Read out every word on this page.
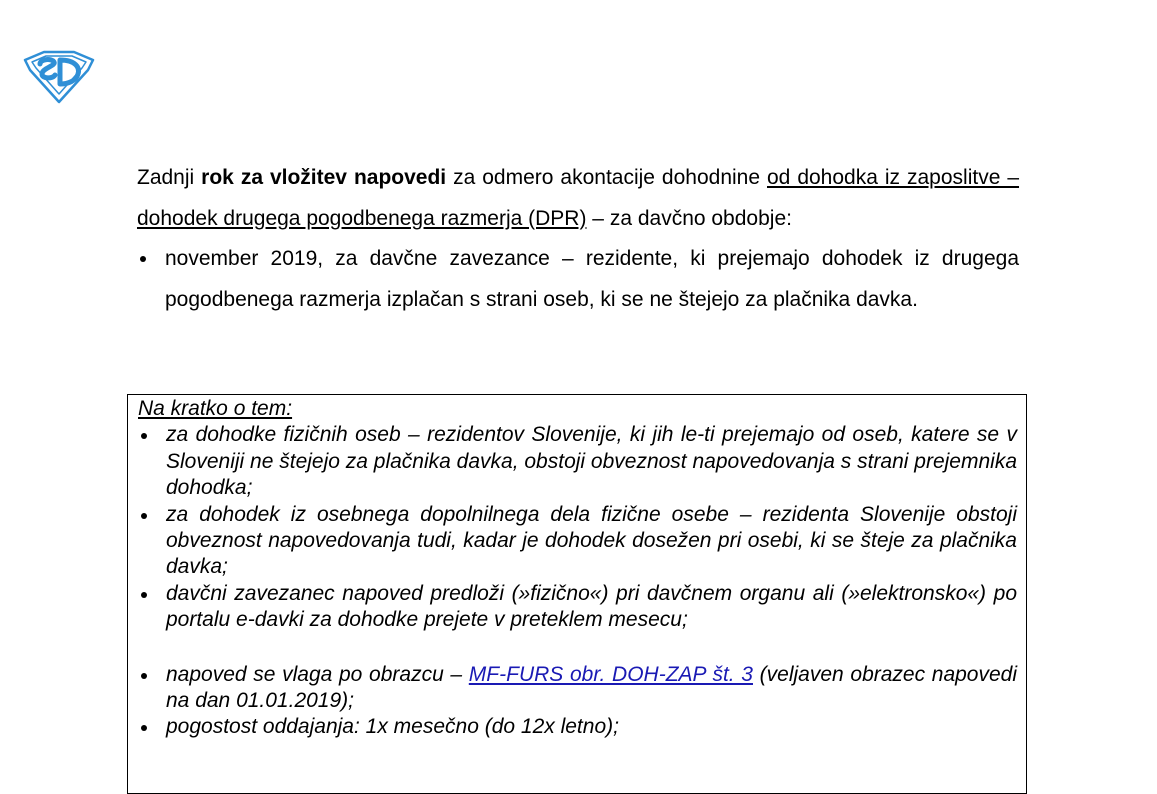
Zadnji rok za vložitev napovedi za odmero akontacije dohodnine od dohodka iz zaposlitve – dohodek drugega pogodbenega razmerja (DPR) – za davčno obdobje:

november 2019, za davčne zavezance – rezidente, ki prejemajo dohodek iz drugega pogodbenega razmerja izplačan s strani oseb, ki se ne štejejo za plačnika davka.

Na kratko o tem:

za dohodke fizičnih oseb – rezidentov Slovenije, ki jih le-ti prejemajo od oseb, katere se v Sloveniji ne štejejo za plačnika davka, obstoji obveznost napovedovanja s strani prejemnika dohodka;
za dohodek iz osebnega dopolnilnega dela fizične osebe – rezidenta Slovenije obstoji obveznost napovedovanja tudi, kadar je dohodek dosežen pri osebi, ki se šteje za plačnika davka;
davčni zavezanec napoved predloži (»fizično«) pri davčnem organu ali (»elektronsko«) po portalu e-davki za dohodke prejete v preteklem mesecu;
napoved se vlaga po obrazcu – MF-FURS obr. DOH-ZAP št. 3 (veljaven obrazec napovedi na dan 01.01.2019);
pogostost oddajanja: 1x mesečno (do 12x letno);
